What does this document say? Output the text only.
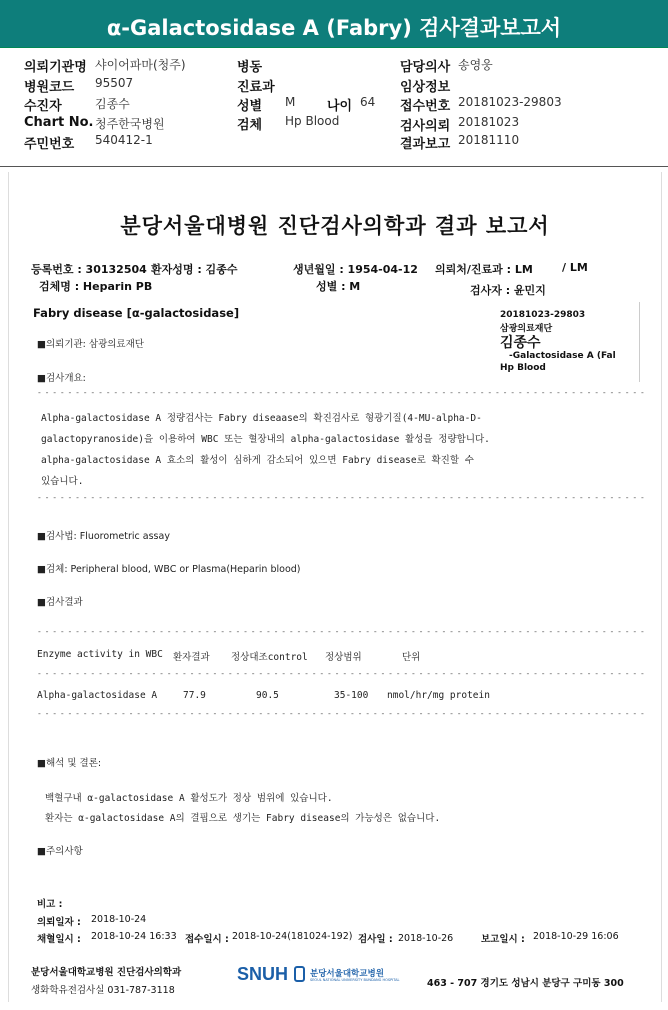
α-Galactosidase A (Fabry) 검사결과보고서
의뢰기관명 샤이어파마(청주)
병원코드 95507
수진자	김종수
Chart No. 청주한국병원
주민번호 540412-1
병동
진료과
성별 M 나이 64
검체 Hp Blood
담당의사 송영웅
임상정보
접수번호 20181023-29803
검사의뢰 20181023
결과보고 20181110
분당서울대병원 진단검사의학과 결과 보고서
등록번호 : 30132504 환자성명 : 김종수	생년월일 : 1954-04-12 의뢰처/진료과 : LM	/ LM
검체명 : Heparin PB	성별 : M	검사자 : 윤민지
Fabry disease [α-galactosidase]	20181023-29803
삼광의료재단
김종수
-Galactosidase A (Fal
Hp Blood
■의뢰기관: 삼광의료재단
■검사개요:
- - - - - - - - - - - - - - - - - - - - - - - - - - - - - - - - - - - - - - - - - - - - - - - - - - - - - - - - - - - - - - - - - - - - - - - - - - - - - - - -
Alpha-galactosidase A 정량검사는 Fabry diseaase의 확진검사로 형광기질(4-MU-alpha-D-
galactopyranoside)을 이용하여 WBC 또는 혈장내의 alpha-galactosidase 활성을 정량합니다.
alpha-galactosidase A 효소의 활성이 심하게 감소되어 있으면 Fabry disease로 확진할 수
있습니다.
- - - - - - - - - - - - - - - - - - - - - - - - - - - - - - - - - - - - - - - - - - - - - - - - - - - - - - - - - - - - - - - - - - - - - - - - - - - - - - - -
■검사법: Fluorometric assay
■검체: Peripheral blood, WBC or Plasma(Heparin blood)
■검사결과
- - - - - - - - - - - - - - - - - - - - - - - - - - - - - - - - - - - - - - - - - - - - - - - - - - - - - - - - - - - - - - - - - - - - - - - - - - - - - - - -
Enzyme activity in WBC 환자결과 정상대조control 정상범위	단위
- - - - - - - - - - - - - - - - - - - - - - - - - - - - - - - - - - - - - - - - - - - - - - - - - - - - - - - - - - - - - - - - - - - - - - - - - - - - - - - -
Alpha-galactosidase A	77.9	90.5	35-100 nmol/hr/mg protein
- - - - - - - - - - - - - - - - - - - - - - - - - - - - - - - - - - - - - - - - - - - - - - - - - - - - - - - - - - - - - - - - - - - - - - - - - - - - - - - -
■해석 및 결론:
백혈구내 α-galactosidase A 활성도가 정상 범위에 있습니다.
환자는 α-galactosidase A의 결핍으로 생기는 Fabry disease의 가능성은 없습니다.
■주의사항
비고 :
의뢰일자 : 2018-10-24
채혈일시 : 2018-10-24 16:33 접수일시 : 2018-10-24(181024-192) 검사일 : 2018-10-26	보고일시 : 2018-10-29 16:06
분당서울대학교병원 진단검사의학과
생화학유전검사실 031-787-3118
SNUH	분당서울대학교병원
SEOUL NATIONAL UNIVERSITY BUNDANG HOSPITAL	463 - 707 경기도 성남시 분당구 구미동 300
